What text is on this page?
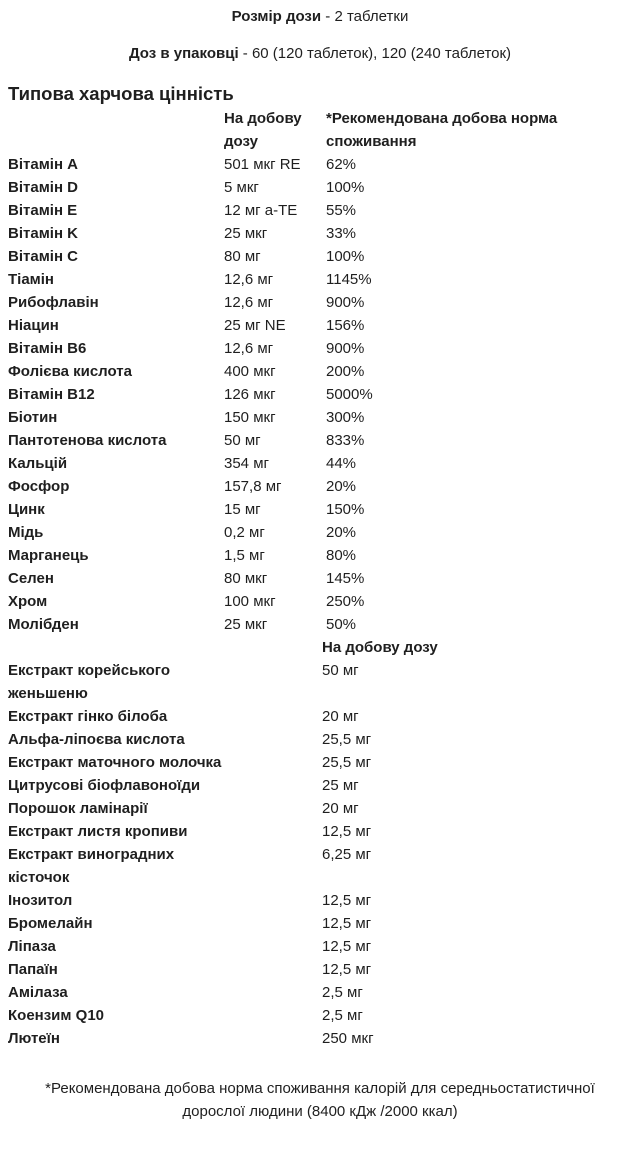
Розмір дози - 2 таблетки
Доз в упаковці - 60 (120 таблеток), 120 (240 таблеток)
Типова харчова цінність
	На добову дозу	*Рекомендована добова норма споживання
Вітамін А	501 мкг RE	62%
Вітамін D	5 мкг	100%
Вітамін E	12 мг a-TE	55%
Вітамін K	25 мкг	33%
Вітамін C	80 мг	100%
Тіамін	12,6 мг	1145%
Рибофлавін	12,6 мг	900%
Ніацин	25 мг NE	156%
Вітамін B6	12,6 мг	900%
Фолієва кислота	400 мкг	200%
Вітамін B12	126 мкг	5000%
Біотин	150 мкг	300%
Пантотенова кислота	50 мг	833%
Кальцій	354 мг	44%
Фосфор	157,8 мг	20%
Цинк	15 мг	150%
Мідь	0,2 мг	20%
Марганець	1,5 мг	80%
Селен	80 мкг	145%
Хром	100 мкг	250%
Молібден	25 мкг	50%
	На добову дозу
Екстракт корейського женьшеню	50 мг
Екстракт гінко білоба	20 мг
Альфа-ліпоєва кислота	25,5 мг
Екстракт маточного молочка	25,5 мг
Цитрусові біофлавоноїди	25 мг
Порошок ламінарії	20 мг
Екстракт листя кропиви	12,5 мг
Екстракт виноградних кісточок	6,25 мг
Інозитол	12,5 мг
Бромелайн	12,5 мг
Ліпаза	12,5 мг
Папаїн	12,5 мг
Амілаза	2,5 мг
Коензим Q10	2,5 мг
Лютеїн	250 мкг
*Рекомендована добова норма споживання калорій для середньостатистичної дорослої людини (8400 кДж /2000 ккал)
